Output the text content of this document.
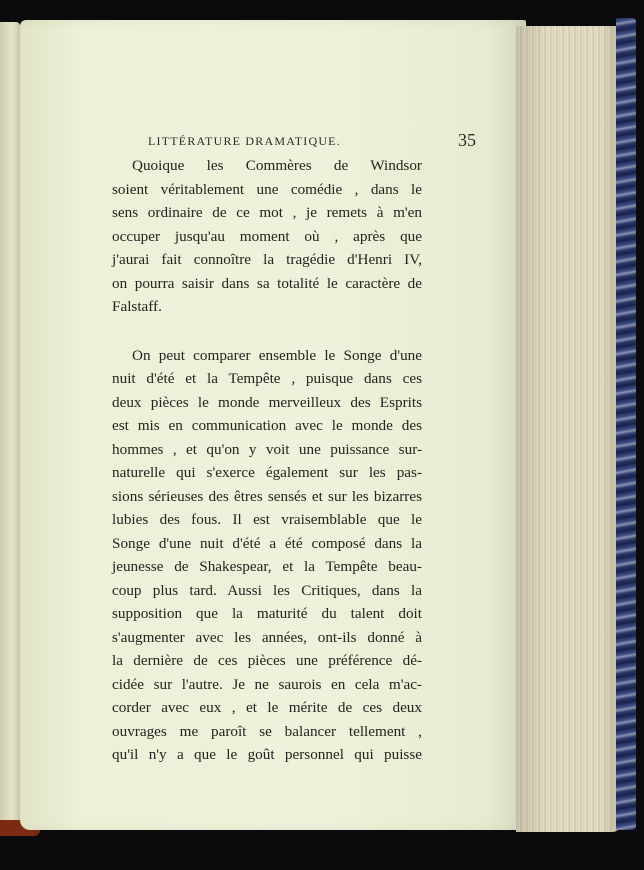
LITTÉRATURE DRAMATIQUE.	35
Quoique les Commères de Windsor
soient véritablement une comédie , dans le
sens ordinaire de ce mot , je remets à m'en
occuper jusqu'au moment où , après que
j'aurai fait connoître la tragédie d'Henri IV,
on pourra saisir dans sa totalité le caractère de
Falstaff.
On peut comparer ensemble le Songe d'une
nuit d'été et la Tempête , puisque dans ces
deux pièces le monde merveilleux des Esprits
est mis en communication avec le monde des
hommes , et qu'on y voit une puissance sur-
naturelle qui s'exerce également sur les pas-
sions sérieuses des êtres sensés et sur les bizarres
lubies des fous. Il est vraisemblable que le
Songe d'une nuit d'été a été composé dans la
jeunesse de Shakespear, et la Tempête beau-
coup plus tard. Aussi les Critiques, dans la
supposition que la maturité du talent doit
s'augmenter avec les années, ont-ils donné à
la dernière de ces pièces une préférence dé-
cidée sur l'autre. Je ne saurois en cela m'ac-
corder avec eux , et le mérite de ces deux
ouvrages me paroît se balancer tellement ,
qu'il n'y a que le goût personnel qui puisse
